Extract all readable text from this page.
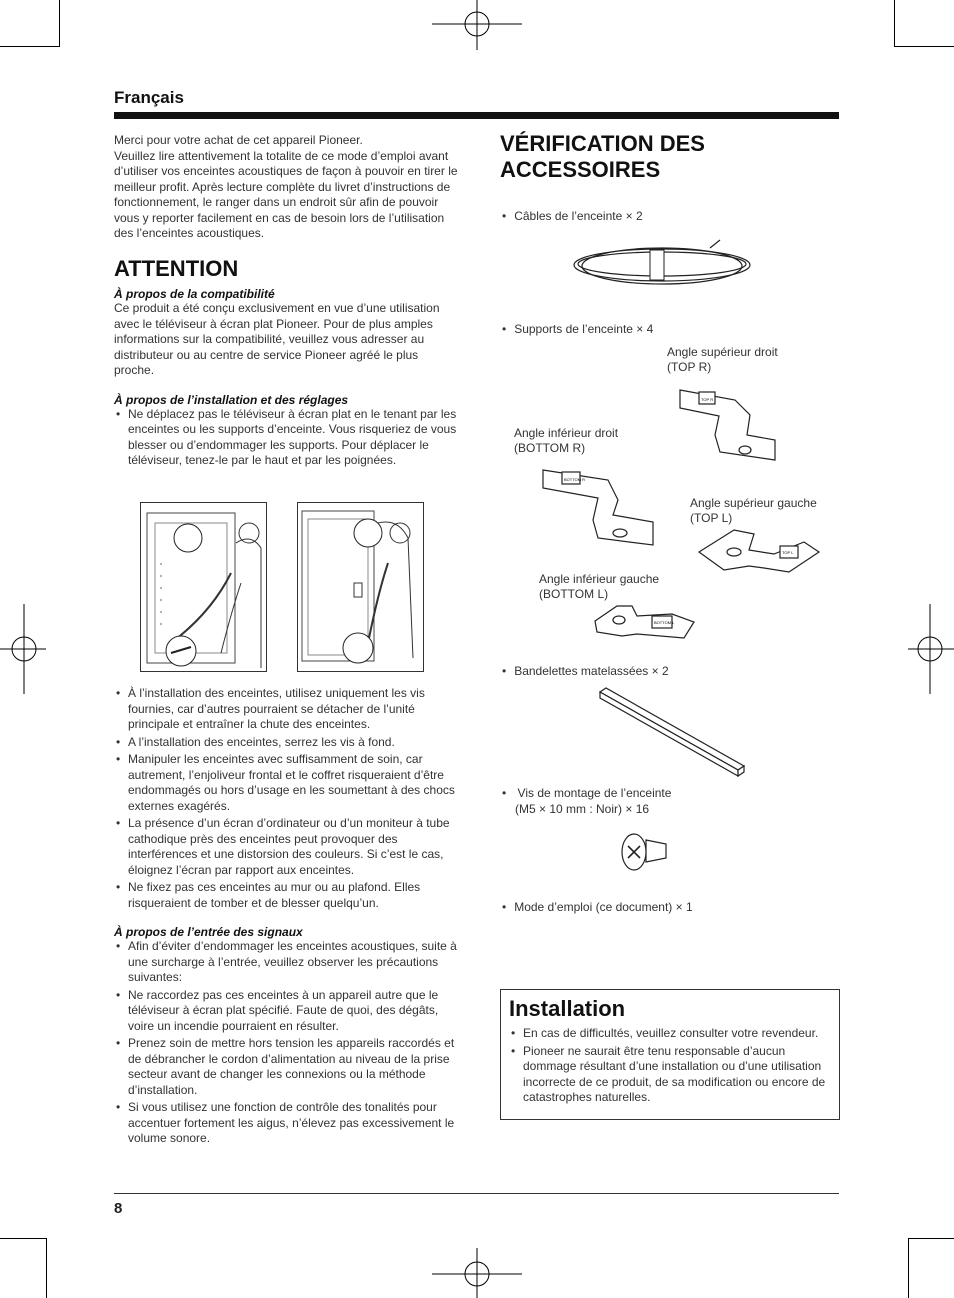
Français
Merci pour votre achat de cet appareil Pioneer.
Veuillez lire attentivement la totalite de ce mode d’emploi avant d’utiliser vos enceintes acoustiques de façon à pouvoir en tirer le meilleur profit. Après lecture complète du livret d’instructions de fonctionnement, le ranger dans un endroit sûr afin de pouvoir vous y reporter facilement en cas de besoin lors de l’utilisation des l’enceintes acoustiques.
ATTENTION
À propos de la compatibilité
Ce produit a été conçu exclusivement en vue d’une utilisation avec le téléviseur à écran plat Pioneer. Pour de plus amples informations sur la compatibilité, veuillez vous adresser au distributeur ou au centre de service Pioneer agréé le plus proche.
À propos de l’installation et des réglages
• Ne déplacez pas le téléviseur à écran plat en le tenant par les enceintes ou les supports d’enceinte. Vous risqueriez de vous blesser ou d’endommager les supports. Pour déplacer le téléviseur, tenez-le par le haut et par les poignées.
• À l’installation des enceintes, utilisez uniquement les vis fournies, car d’autres pourraient se détacher de l’unité principale et entraîner la chute des enceintes.
• A l’installation des enceintes, serrez les vis à fond.
• Manipuler les enceintes avec suffisamment de soin, car autrement, l’enjoliveur frontal et le coffret risqueraient d’être endommagés ou hors d’usage en les soumettant à des chocs externes exagérés.
• La présence d’un écran d’ordinateur ou d’un moniteur à tube cathodique près des enceintes peut provoquer des interférences et une distorsion des couleurs. Si c’est le cas, éloignez l’écran par rapport aux enceintes.
• Ne fixez pas ces enceintes au mur ou au plafond. Elles risqueraient de tomber et de blesser quelqu’un.
À propos de l’entrée des signaux
• Afin d’éviter d’endommager les enceintes acoustiques, suite à une surcharge à l’entrée, veuillez observer les précautions suivantes:
• Ne raccordez pas ces enceintes à un appareil autre que le téléviseur à écran plat spécifié. Faute de quoi, des dégâts, voire un incendie pourraient en résulter.
• Prenez soin de mettre hors tension les appareils raccordés et de débrancher le cordon d’alimentation au niveau de la prise secteur avant de changer les connexions ou la méthode d’installation.
• Si vous utilisez une fonction de contrôle des tonalités pour accentuer fortement les aigus, n’élevez pas excessivement le volume sonore.
VÉRIFICATION DES
ACCESSOIRES
• Câbles de l’enceinte × 2
• Supports de l’enceinte × 4
Angle supérieur droit
(TOP R)
TOP R
Angle inférieur droit
(BOTTOM R)
BOTTOM R
Angle supérieur gauche
(TOP L)
TOP L
Angle inférieur gauche
(BOTTOM L)
BOTTOM L
• Bandelettes matelassées × 2
• Vis de montage de l’enceinte
(M5 × 10 mm : Noir) × 16
• Mode d’emploi (ce document) × 1
Installation
• En cas de difficultés, veuillez consulter votre revendeur.
• Pioneer ne saurait être tenu responsable d’aucun dommage résultant d’une installation ou d’une utilisation incorrecte de ce produit, de sa modification ou encore de catastrophes naturelles.
8
